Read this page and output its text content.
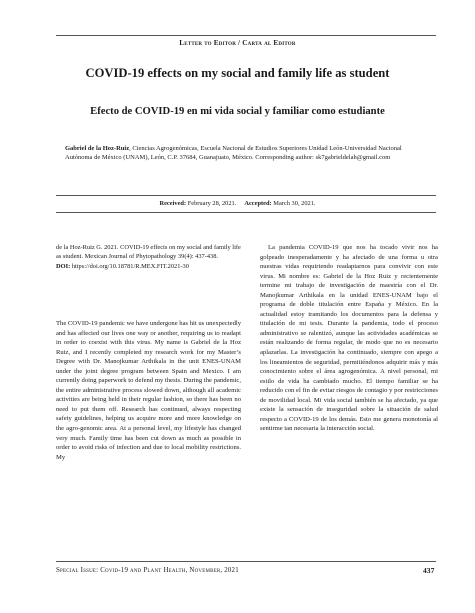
Letter to Editor / Carta al Editor
COVID-19 effects on my social and family life as student
Efecto de COVID-19 en mi vida social y familiar como estudiante
Gabriel de la Hoz-Ruiz, Ciencias Agrogenómicas, Escuela Nacional de Estudios Superiores Unidad León-Universidad Nacional Autónoma de México (UNAM), León, C.P. 37684, Guanajuato, México. Corresponding author: sk7gabrieldelah@gmail.com
Received: February 28, 2021. Accepted: March 30, 2021.
de la Hoz-Ruiz G. 2021. COVID-19 effects on my social and family life as student. Mexican Journal of Phytopathology 39(4): 437-438.
DOI: https://doi.org/10.18781/R.MEX.FIT.2021-30
The COVID-19 pandemic we have undergone has hit us unexpectedly and has affected our lives one way or another, requiring us to readapt in order to coexist with this virus. My name is Gabriel de la Hoz Ruiz, and I recently completed my research work for my Master’s Degree with Dr. Manojkumar Arthikala in the unit ENES-UNAM under the joint degree program between Spain and Mexico. I am currently doing paperwork to defend my thesis. During the pandemic, the entire administrative process slowed down, although all academic activities are being held in their regular fashion, so there has been no need to put them off. Research has continued, always respecting safety guidelines, helping us acquire more and more knowledge on the agro-genomic area. At a personal level, my lifestyle has changed very much. Family time has been cut down as much as possible in order to avoid risks of infection and due to local mobility restrictions. My
La pandemia COVID-19 que nos ha tocado vivir nos ha golpeado inesperadamente y ha afectado de una forma u otra nuestras vidas requiriendo readaptarnos para convivir con este virus. Mi nombre es: Gabriel de la Hoz Ruiz y recientemente termine mi trabajo de investigación de maestría con el Dr. Manojkumar Arthikala en la unidad ENES-UNAM bajo el programa de doble titulación entre España y México. En la actualidad estoy tramitando los documentos para la defensa y titulación de mi tesis. Durante la pandemia, todo el proceso administrativo se ralentizó, aunque las actividades académicas se están realizando de forma regular, de modo que no es necesario aplazarlas. La investigación ha continuado, siempre con apego a los lineamientos de seguridad, permitiéndonos adquirir más y más conocimiento sobre el área agrogenómica. A nivel personal, mi estilo de vida ha cambiado mucho. El tiempo familiar se ha reducido con el fin de evitar riesgos de contagio y por restricciones de movilidad local. Mi vida social también se ha afectado, ya que existe la sensación de inseguridad sobre la situación de salud respecto a COVID-19 de los demás. Esto me genera monotonía al sentirme tan necesaria la interacción social.
Special Issue: Covid-19 and Plant Health, November, 2021	437
